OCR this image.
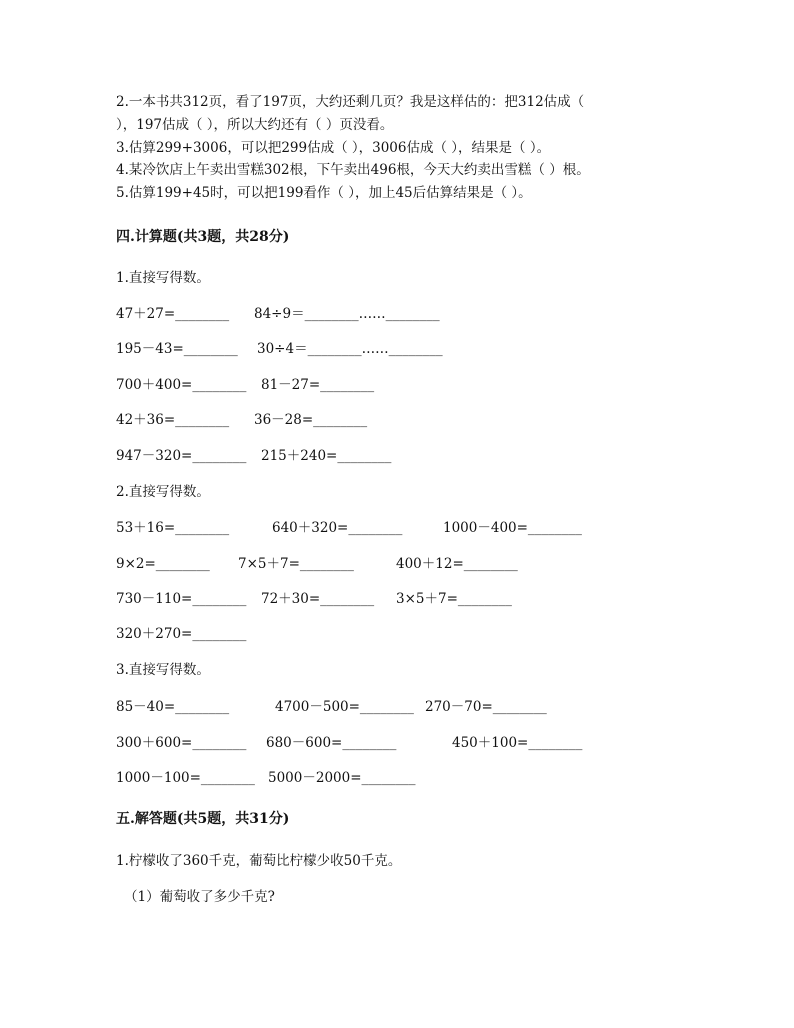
2.一本书共312页，看了197页，大约还剩几页？我是这样估的：把312估成（
），197估成（ ），所以大约还有（ ）页没看。
3.估算299+3006，可以把299估成（ ），3006估成（ ），结果是（ ）。
4.某冷饮店上午卖出雪糕302根，下午卖出496根，今天大约卖出雪糕（ ）根。
5.估算199+45时，可以把199看作（ ），加上45后估算结果是（ ）。
四.计算题(共3题，共28分)
1.直接写得数。
47＋27=________ 84÷9＝________……________
195－43=________ 30÷4＝________……________
700＋400=________ 81－27=________
42＋36=________ 36－28=________
947－320=________ 215＋240=________
2.直接写得数。
53＋16=________	640＋320=________	1000－400=________
9×2=________ 7×5＋7=________	400＋12=________
730－110=________ 72＋30=________ 3×5＋7=________
320＋270=________
3.直接写得数。
85－40=________	4700－500=________ 270－70=________
300＋600=________ 680－600=________	450＋100=________
1000－100=________ 5000－2000=________
五.解答题(共5题，共31分)
1.柠檬收了360千克，葡萄比柠檬少收50千克。
（1）葡萄收了多少千克?
